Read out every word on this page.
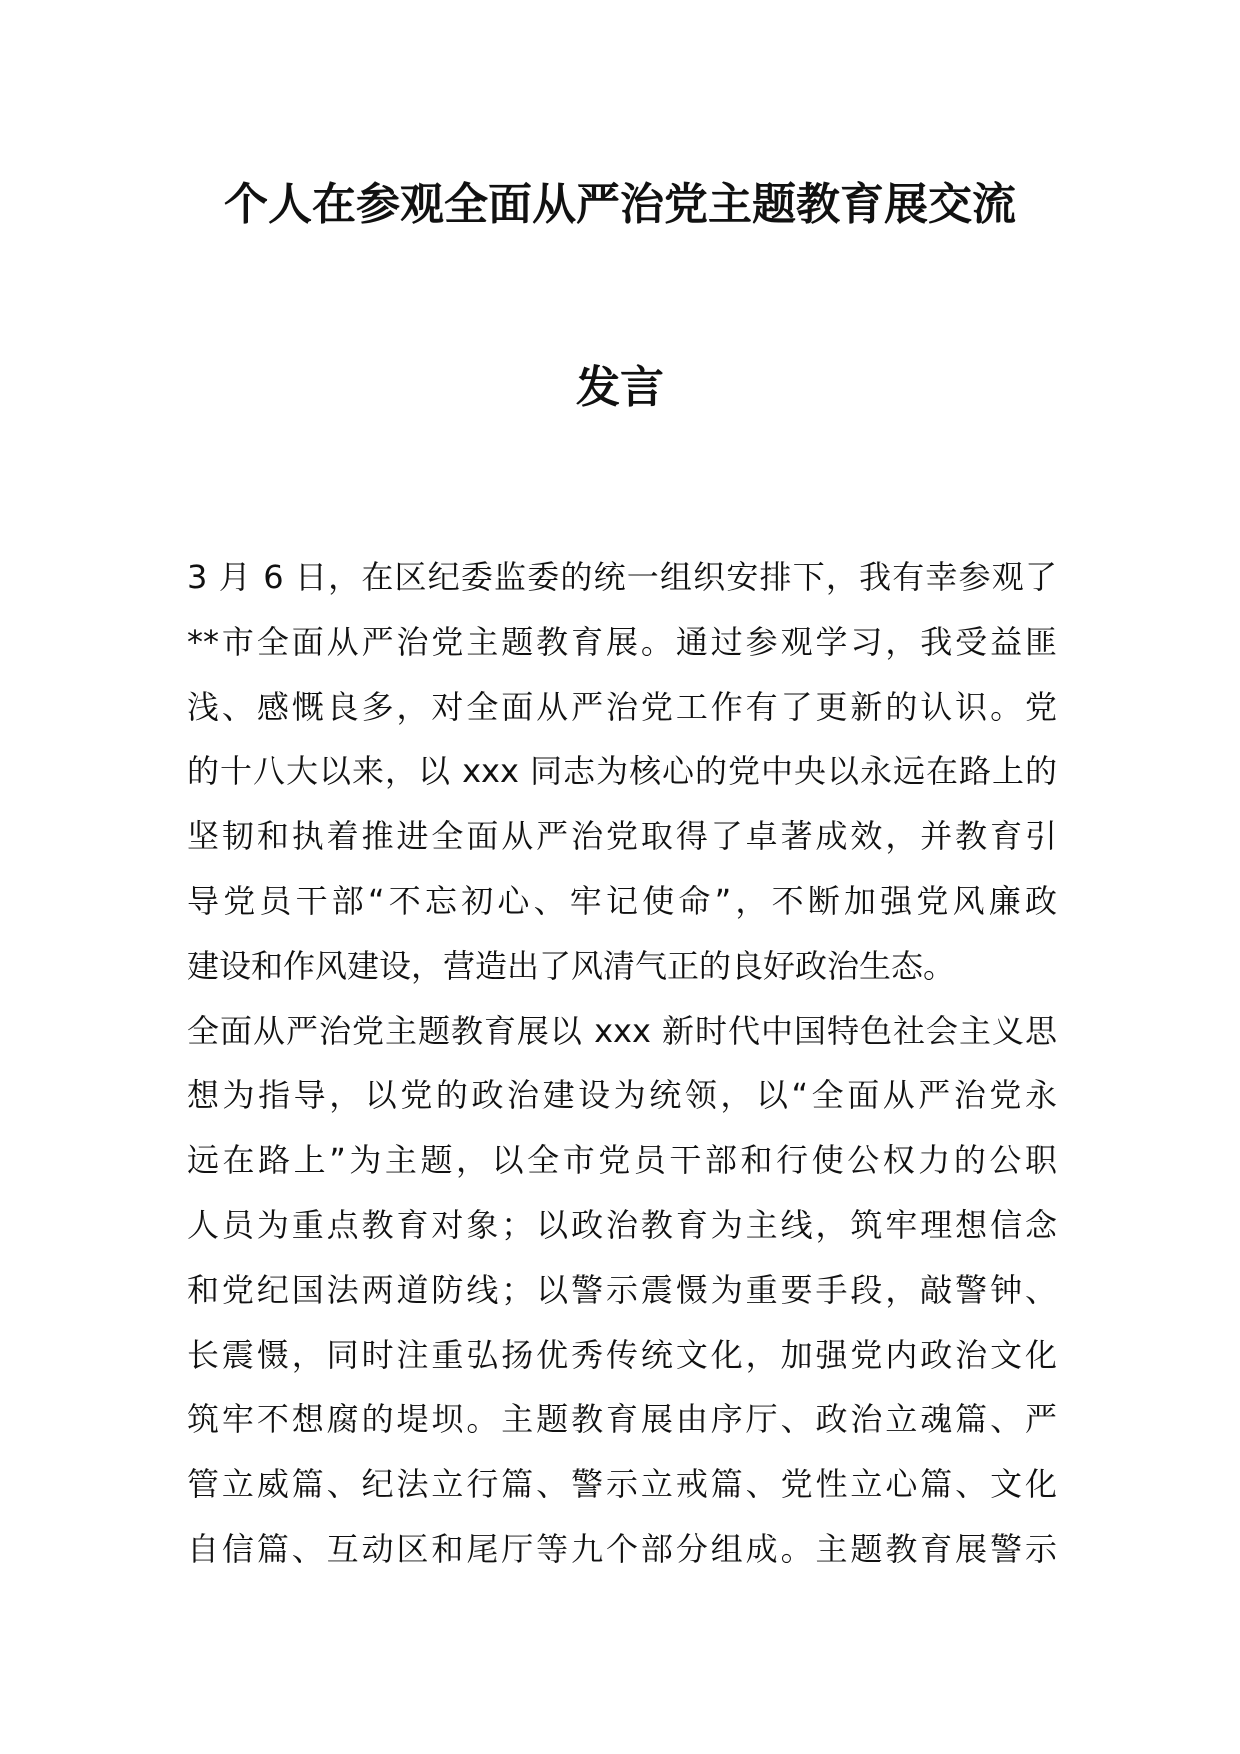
个人在参观全面从严治党主题教育展交流
发言
3 月 6 日，在区纪委监委的统一组织安排下，我有幸参观了
**市全面从严治党主题教育展。通过参观学习，我受益匪
浅、感慨良多，对全面从严治党工作有了更新的认识。党
的十八大以来，以 xxx 同志为核心的党中央以永远在路上的
坚韧和执着推进全面从严治党取得了卓著成效，并教育引
导党员干部“不忘初心、牢记使命”，不断加强党风廉政
建设和作风建设，营造出了风清气正的良好政治生态。
全面从严治党主题教育展以 xxx 新时代中国特色社会主义思
想为指导，以党的政治建设为统领，以“全面从严治党永
远在路上”为主题，以全市党员干部和行使公权力的公职
人员为重点教育对象；以政治教育为主线，筑牢理想信念
和党纪国法两道防线；以警示震慑为重要手段，敲警钟、
长震慑，同时注重弘扬优秀传统文化，加强党内政治文化
筑牢不想腐的堤坝。主题教育展由序厅、政治立魂篇、严
管立威篇、纪法立行篇、警示立戒篇、党性立心篇、文化
自信篇、互动区和尾厅等九个部分组成。主题教育展警示
